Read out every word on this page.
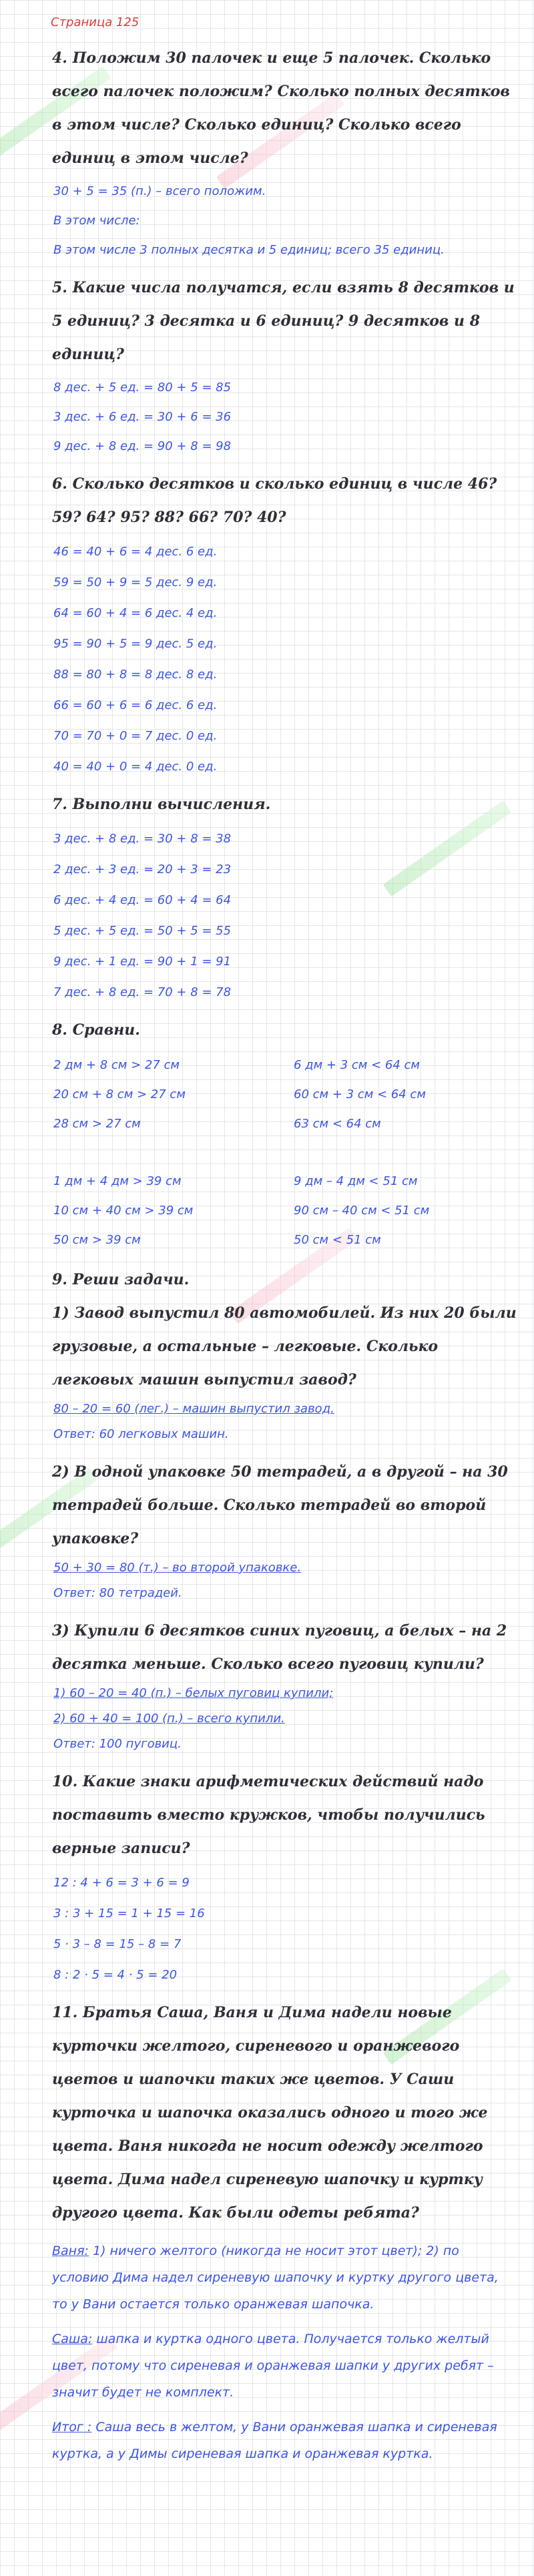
Страница 125

4. Положим 30 палочек и еще 5 палочек. Сколько всего палочек положим? Сколько полных десятков в этом числе? Сколько единиц? Сколько всего единиц в этом числе?

30 + 5 = 35 (п.) – всего положим.
В этом числе:
В этом числе 3 полных десятка и 5 единиц; всего 35 единиц.

5. Какие числа получатся, если взять 8 десятков и 5 единиц? 3 десятка и 6 единиц? 9 десятков и 8 единиц?

8 дес. + 5 ед. = 80 + 5 = 85
3 дес. + 6 ед. = 30 + 6 = 36
9 дес. + 8 ед. = 90 + 8 = 98

6. Сколько десятков и сколько единиц в числе 46? 59? 64? 95? 88? 66? 70? 40?

46 = 40 + 6 = 4 дес. 6 ед.
59 = 50 + 9 = 5 дес. 9 ед.
64 = 60 + 4 = 6 дес. 4 ед.
95 = 90 + 5 = 9 дес. 5 ед.
88 = 80 + 8 = 8 дес. 8 ед.
66 = 60 + 6 = 6 дес. 6 ед.
70 = 70 + 0 = 7 дес. 0 ед.
40 = 40 + 0 = 4 дес. 0 ед.

7. Выполни вычисления.

3 дес. + 8 ед. = 30 + 8 = 38
2 дес. + 3 ед. = 20 + 3 = 23
6 дес. + 4 ед. = 60 + 4 = 64
5 дес. + 5 ед. = 50 + 5 = 55
9 дес. + 1 ед. = 90 + 1 = 91
7 дес. + 8 ед. = 70 + 8 = 78

8. Сравни.

2 дм + 8 см > 27 см	6 дм + 3 см < 64 см
20 см + 8 см > 27 см	60 см + 3 см < 64 см
28 см > 27 см	63 см < 64 см
1 дм + 4 дм > 39 см	9 дм – 4 дм < 51 см
10 см + 40 см > 39 см	90 см – 40 см < 51 см
50 см > 39 см	50 см < 51 см

9. Реши задачи.

1) Завод выпустил 80 автомобилей. Из них 20 были грузовые, а остальные – легковые. Сколько легковых машин выпустил завод?

80 – 20 = 60 (лег.) – машин выпустил завод.
Ответ: 60 легковых машин.

2) В одной упаковке 50 тетрадей, а в другой – на 30 тетрадей больше. Сколько тетрадей во второй упаковке?

50 + 30 = 80 (т.) – во второй упаковке.
Ответ: 80 тетрадей.

3) Купили 6 десятков синих пуговиц, а белых – на 2 десятка меньше. Сколько всего пуговиц купили?

1) 60 – 20 = 40 (п.) – белых пуговиц купили;
2) 60 + 40 = 100 (п.) – всего купили.
Ответ: 100 пуговиц.

10. Какие знаки арифметических действий надо поставить вместо кружков, чтобы получились верные записи?

12 : 4 + 6 = 3 + 6 = 9
3 : 3 + 15 = 1 + 15 = 16
5 · 3 – 8 = 15 – 8 = 7
8 : 2 · 5 = 4 · 5 = 20

11. Братья Саша, Ваня и Дима надели новые курточки желтого, сиреневого и оранжевого цветов и шапочки таких же цветов. У Саши курточка и шапочка оказались одного и того же цвета. Ваня никогда не носит одежду желтого цвета. Дима надел сиреневую шапочку и куртку другого цвета. Как были одеты ребята?

Ваня: 1) ничего желтого (никогда не носит этот цвет); 2) по условию Дима надел сиреневую шапочку и куртку другого цвета, то у Вани остается только оранжевая шапочка.

Саша: шапка и куртка одного цвета. Получается только желтый цвет, потому что сиреневая и оранжевая шапки у других ребят – значит будет не комплект.

Итог : Саша весь в желтом, у Вани оранжевая шапка и сиреневая куртка, а у Димы сиреневая шапка и оранжевая куртка.
